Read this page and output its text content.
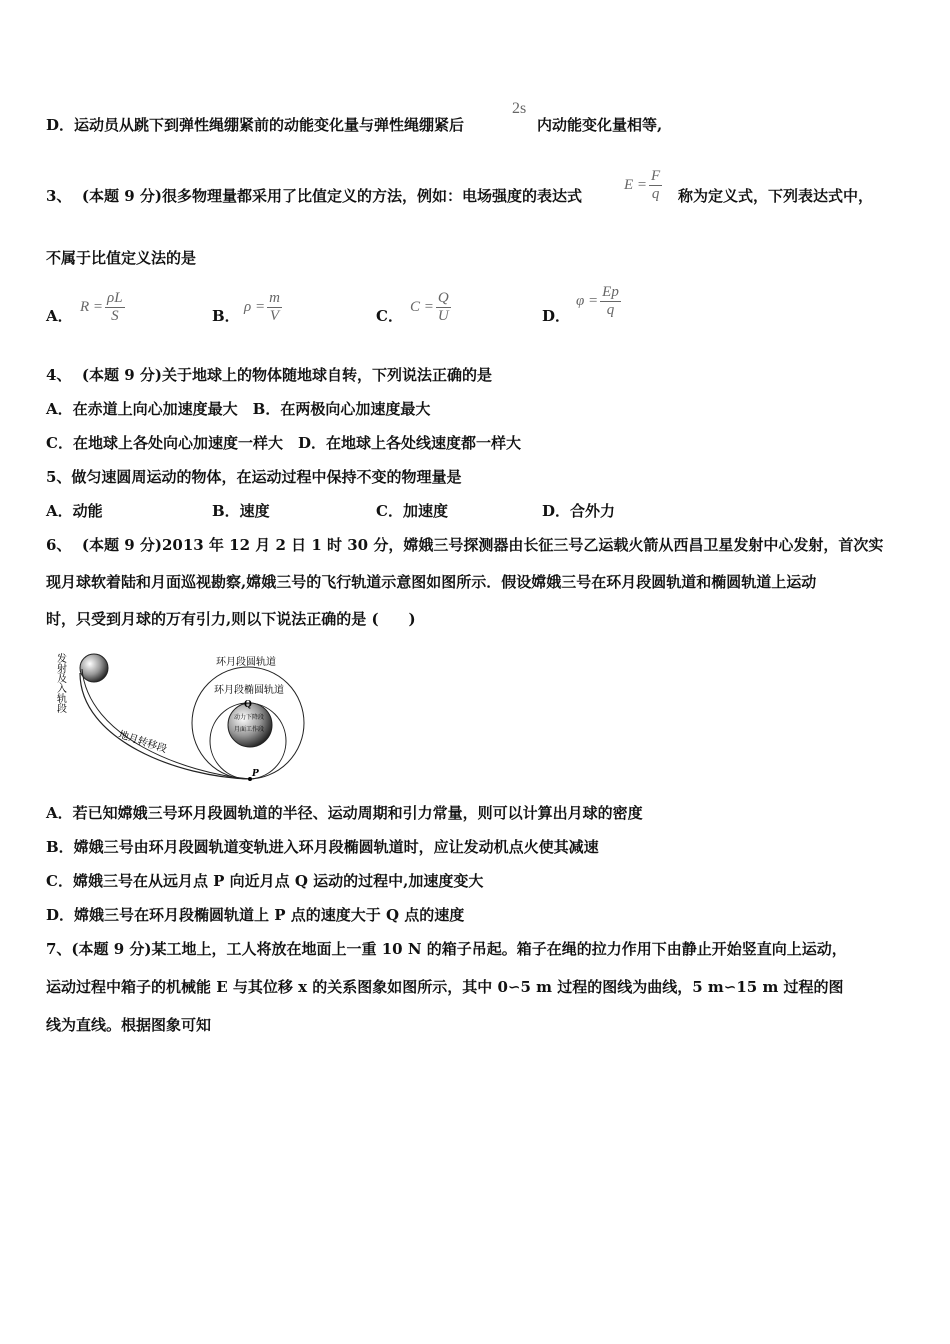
D．运动员从跳下到弹性绳绷紧前的动能变化量与弹性绳绷紧后
2s
内动能变化量相等,
3、 (本题 9 分)很多物理量都采用了比值定义的方法，例如：电场强度的表达式
$E = \frac{F}{q}$ 称为定义式，下列表达式中，
不属于比值定义法的是
A．
$R = \frac{\rho L}{S}$	B．
$\rho = \frac{m}{V}$	C．
$C = \frac{Q}{U}$	D．
$\varphi = \frac{Ep}{q}$
4、 (本题 9 分)关于地球上的物体随地球自转，下列说法正确的是
A．在赤道上向心加速度最大　B．在两极向心加速度最大
C．在地球上各处向心加速度一样大　D．在地球上各处线速度都一样大
5、做匀速圆周运动的物体，在运动过程中保持不变的物理量是
A．动能	B．速度	C．加速度	D．合外力
6、 (本题 9 分)2013 年 12 月 2 日 1 时 30 分，嫦娥三号探测器由长征三号乙运载火箭从西昌卫星发射中心发射，首次实
现月球软着陆和月面巡视勘察,嫦娥三号的飞行轨道示意图如图所示．假设嫦娥三号在环月段圆轨道和椭圆轨道上运动
时，只受到月球的万有引力,则以下说法正确的是 (　　)
发射及入轨段
地月转移段
环月段圆轨道
环月段椭圆轨道
动力下降段
月面工作段
Q
P
A．若已知嫦娥三号环月段圆轨道的半径、运动周期和引力常量，则可以计算出月球的密度
B．嫦娥三号由环月段圆轨道变轨进入环月段椭圆轨道时，应让发动机点火使其减速
C．嫦娥三号在从远月点 P 向近月点 Q 运动的过程中,加速度变大
D．嫦娥三号在环月段椭圆轨道上 P 点的速度大于 Q 点的速度
7、(本题 9 分)某工地上，工人将放在地面上一重 10 N 的箱子吊起。箱子在绳的拉力作用下由静止开始竖直向上运动，
运动过程中箱子的机械能 E 与其位移 x 的关系图象如图所示，其中 0∽5 m 过程的图线为曲线，5 m∽15 m 过程的图
线为直线。根据图象可知
